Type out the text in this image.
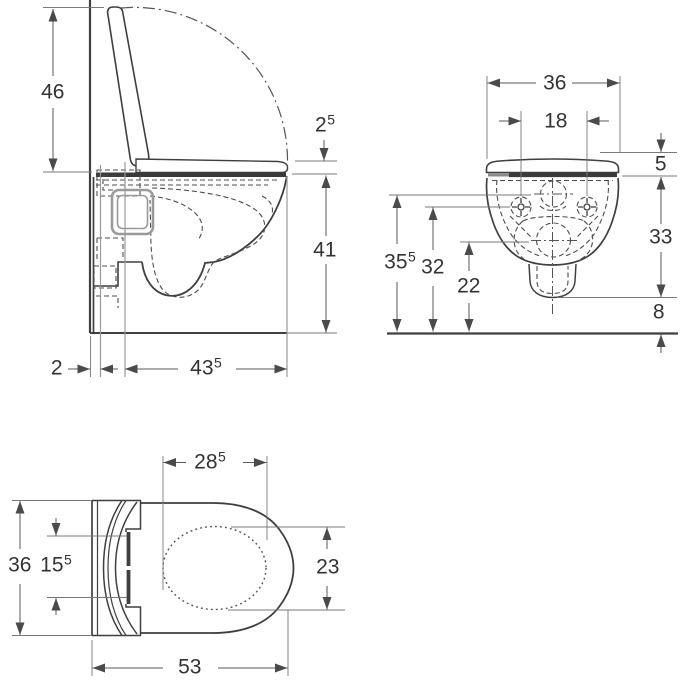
46
$2^5$
41
2	$43^5$
36
18
5
33
$35^5$ 32
22
8
$28^5$
36 $15^5$	23
53
